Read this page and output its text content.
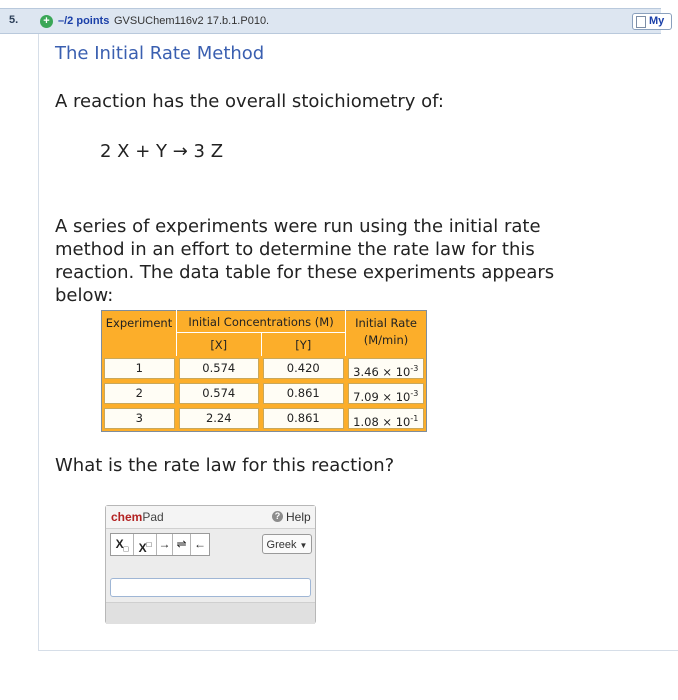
5. + –/2 points GVSUChem116v2 17.b.1.P010.	My
The Initial Rate Method
A reaction has the overall stoichiometry of:
2 X + Y → 3 Z
A series of experiments were run using the initial rate method in an effort to determine the rate law for this reaction. The data table for these experiments appears below:
Experiment	Initial Concentrations (M)		Initial Rate
(M/min)
	[X]	[Y]	

1	0.574	0.420	$3.46 \times 10^{-3}$

2	0.574	0.861	$7.09 \times 10^{-3}$

3	2.24	0.861	$1.08 \times 10^{-1}$
What is the rate law for this reaction?
chemPad	? Help
$X_□$ X□ → ⇌ ←	Greek ▼
